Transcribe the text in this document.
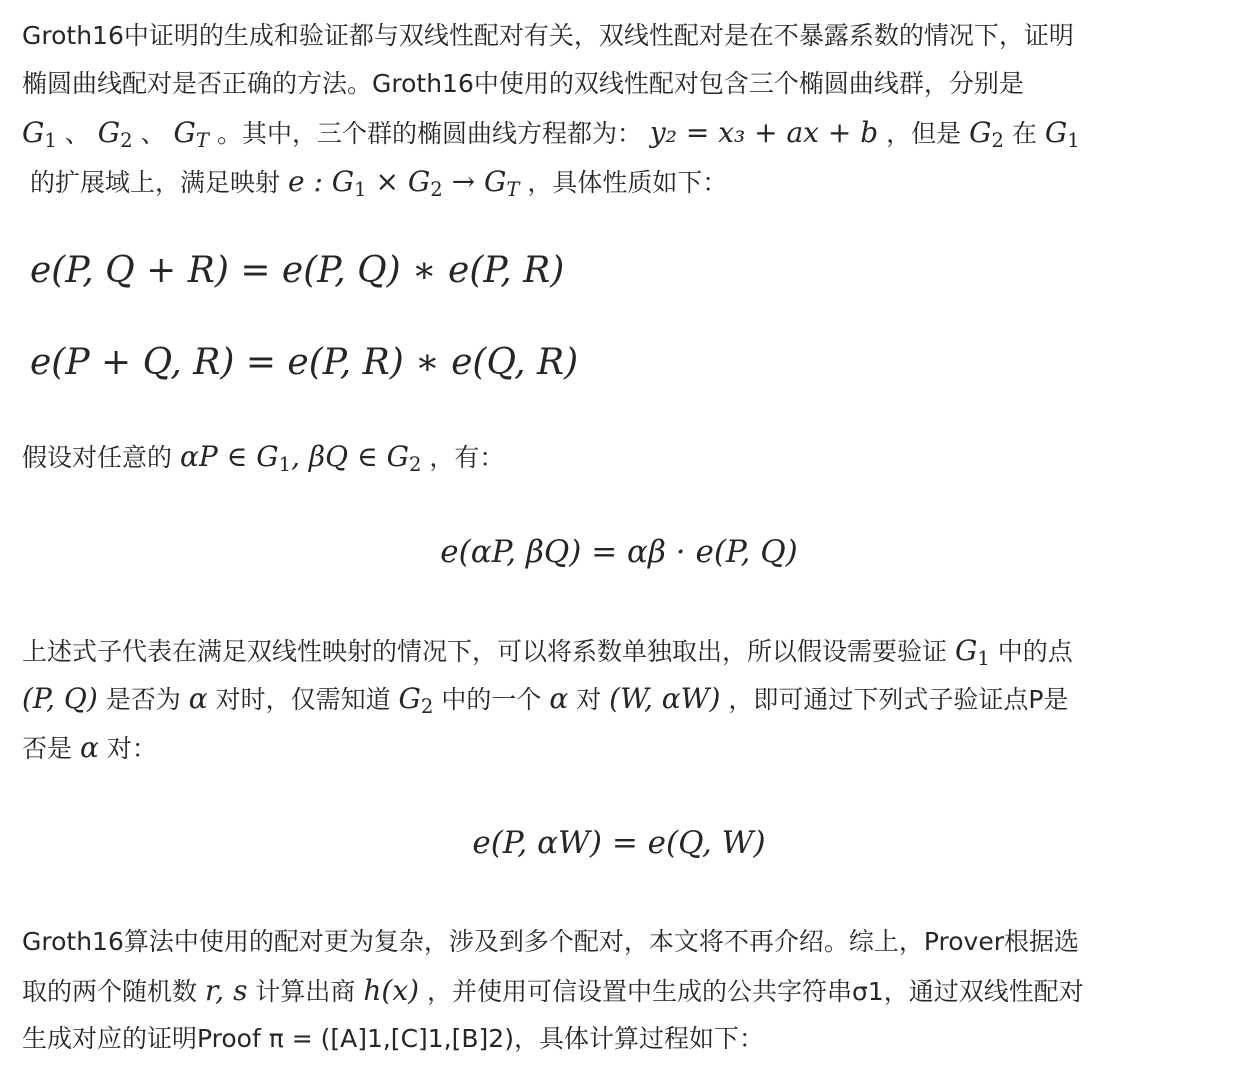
Groth16中证明的生成和验证都与双线性配对有关，双线性配对是在不暴露系数的情况下，证明
椭圆曲线配对是否正确的方法。Groth16中使用的双线性配对包含三个椭圆曲线群，分别是
$G_1$ 、 $G_2$ 、 GT 。其中，三个群的椭圆曲线方程都为： y₂ = x₃ + ax + b ，但是 $G_2$ 在 $G_1$
的扩展域上，满足映射 e : $G_1 \times G_2$ → GT ，具体性质如下：
e(P, Q + R) = e(P, Q) ∗ e(P, R)
e(P + Q, R) = e(P, R) ∗ e(Q, R)
假设对任意的 αP ∈ $G_1$, βQ ∈ $G_2$ ，有：
e(αP, βQ) = αβ · e(P, Q)
上述式子代表在满足双线性映射的情况下，可以将系数单独取出，所以假设需要验证 $G_1$ 中的点
(P, Q) 是否为 α 对时，仅需知道 $G_2$ 中的一个 α 对 (W, αW) ，即可通过下列式子验证点P是
否是 α 对：
e(P, αW) = e(Q, W)
Groth16算法中使用的配对更为复杂，涉及到多个配对，本文将不再介绍。综上，Prover根据选
取的两个随机数 r, s 计算出商 h(x) ，并使用可信设置中生成的公共字符串σ1，通过双线性配对
生成对应的证明Proof π = ([A]1,[C]1,[B]2)，具体计算过程如下：
